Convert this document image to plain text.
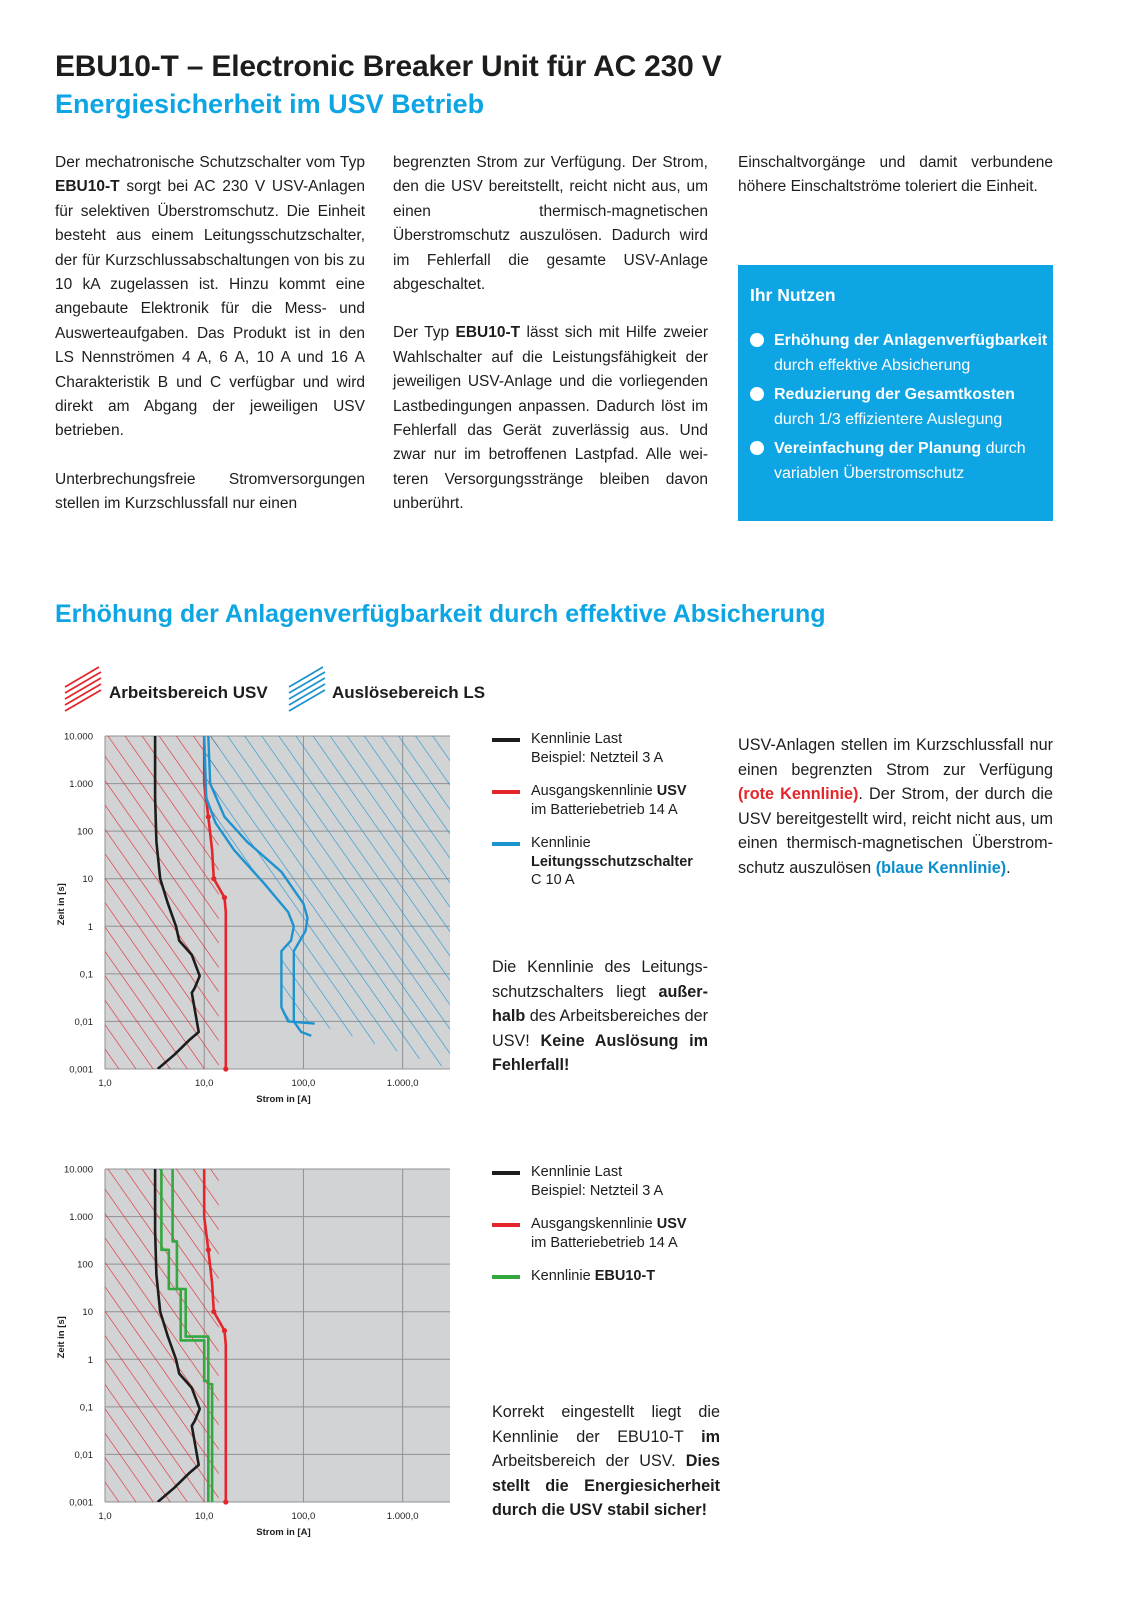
EBU10-T – Electronic Breaker Unit für AC 230 V
Energiesicherheit im USV Betrieb

Der mechatronische Schutzschalter vom Typ EBU10-T sorgt bei AC 230 V USV-Anlagen für selektiven Überstromschutz. Die Einheit besteht aus einem Leitungsschutzschalter, der für Kurzschlussabschaltungen von bis zu 10 kA zugelassen ist. Hinzu kommt eine angebaute Elektronik für die Mess- und Auswerteaufgaben. Das Produkt ist in den LS Nennströmen 4 A, 6 A, 10 A und 16 A Charakteristik B und C verfügbar und wird direkt am Abgang der jeweiligen USV betrieben.

Unterbrechungsfreie Stromversorgungen stellen im Kurzschlussfall nur einen

begrenzten Strom zur Verfügung. Der Strom, den die USV bereitstellt, reicht nicht aus, um einen thermisch-magnetischen Überstromschutz auszulösen. Dadurch wird im Fehlerfall die gesamte USV-Anlage abgeschaltet.

Der Typ EBU10-T lässt sich mit Hilfe zweier Wahlschalter auf die Leistungsfähigkeit der jeweiligen USV-Anlage und die vorliegenden Lastbedingungen anpassen. Dadurch löst im Fehlerfall das Gerät zuverlässig aus. Und zwar nur im betroffenen Lastpfad. Alle weiteren Versorgungsstränge bleiben davon unberührt.

Einschaltvorgänge und damit verbundene höhere Einschaltströme toleriert die Einheit.

Ihr Nutzen
Erhöhung der Anlagenverfügbarkeit durch effektive Absicherung
Reduzierung der Gesamtkosten durch 1/3 effizientere Auslegung
Vereinfachung der Planung durch variablen Überstromschutz
Erhöhung der Anlagenverfügbarkeit durch effektive Absicherung
Arbeitsbereich USV	Auslösebereich LS
10.000
1.000
100
10
1
0,1
0,01
0,001
1,0	10,0	100,0	1.000,0
Strom in [A]
Zeit in [s]
Kennlinie Last
Beispiel: Netzteil 3 A
Ausgangskennlinie USV
im Batteriebetrieb 14 A
Kennlinie
Leitungsschutzschalter
C 10 A
Die Kennlinie des Leitungsschutzschalters liegt außerhalb des Arbeitsbereiches der USV! Keine Auslösung im Fehlerfall!
USV-Anlagen stellen im Kurzschlussfall nur einen begrenzten Strom zur Verfügung (rote Kennlinie). Der Strom, der durch die USV bereitgestellt wird, reicht nicht aus, um einen thermisch-magnetischen Überstromschutz auszulösen (blaue Kennlinie).
10.000
1.000
100
10
1
0,1
0,01
0,001
1,0	10,0	100,0	1.000,0
Strom in [A]
Zeit in [s]
Kennlinie Last
Beispiel: Netzteil 3 A
Ausgangskennlinie USV
im Batteriebetrieb 14 A
Kennlinie EBU10-T
Korrekt eingestellt liegt die Kennlinie der EBU10-T im Arbeitsbereich der USV. Dies stellt die Energiesicherheit durch die USV stabil sicher!
